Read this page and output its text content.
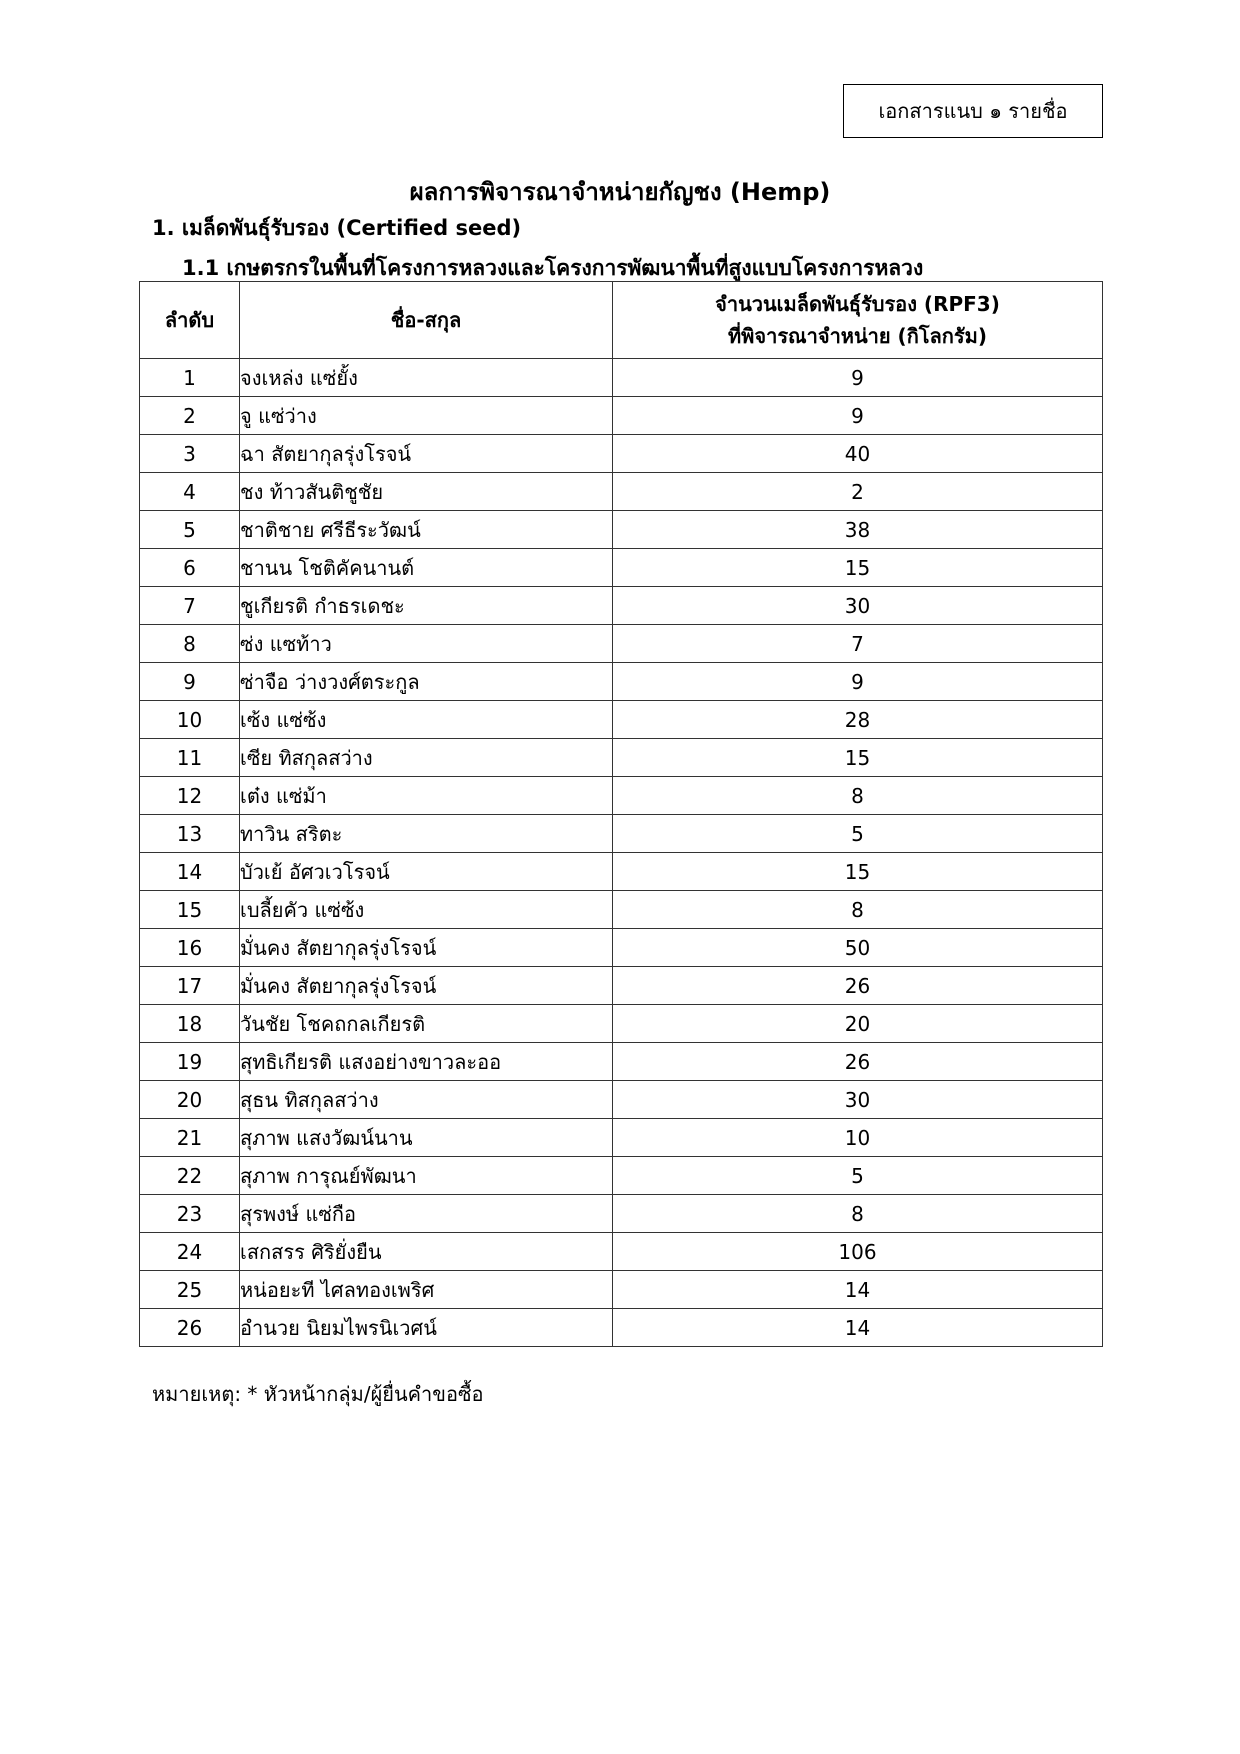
เอกสารแนบ ๑ รายชื่อ
ผลการพิจารณาจำหน่ายกัญชง (Hemp)
1. เมล็ดพันธุ์รับรอง (Certified seed)
1.1 เกษตรกรในพื้นที่โครงการหลวงและโครงการพัฒนาพื้นที่สูงแบบโครงการหลวง
ลำดับ	ชื่อ-สกุล	จำนวนเมล็ดพันธุ์รับรอง (RPF3)
ที่พิจารณาจำหน่าย (กิโลกรัม)

1	จงเหล่ง แซ่ยั้ง	9
2	จู แซ่ว่าง	9
3	ฉา สัตยากุลรุ่งโรจน์	40
4	ชง ท้าวสันติชูชัย	2
5	ชาติชาย ศรีธีระวัฒน์	38
6	ชานน โชติคัคนานต์	15
7	ชูเกียรติ กำธรเดชะ	30
8	ซ่ง แซท้าว	7
9	ซ่าจือ ว่างวงศ์ตระกูล	9
10	เซ้ง แซ่ซ้ง	28
11	เซีย ทิสกุลสว่าง	15
12	เต๋ง แซ่ม้า	8
13	ทาวิน สริตะ	5
14	บัวเย้ อัศวเวโรจน์	15
15	เบลี้ยคัว แซ่ซ้ง	8
16	มั่นคง สัตยากุลรุ่งโรจน์	50
17	มั่นคง สัตยากุลรุ่งโรจน์	26
18	วันชัย โชคถกลเกียรติ	20
19	สุทธิเกียรติ แสงอย่างขาวละออ	26
20	สุธน ทิสกุลสว่าง	30
21	สุภาพ แสงวัฒน์นาน	10
22	สุภาพ การุณย์พัฒนา	5
23	สุรพงษ์ แซ่กือ	8
24	เสกสรร ศิริยั่งยืน	106
25	หน่อยะที ไศลทองเพริศ	14
26	อำนวย นิยมไพรนิเวศน์	14
หมายเหตุ: * หัวหน้ากลุ่ม/ผู้ยื่นคำขอซื้อ
